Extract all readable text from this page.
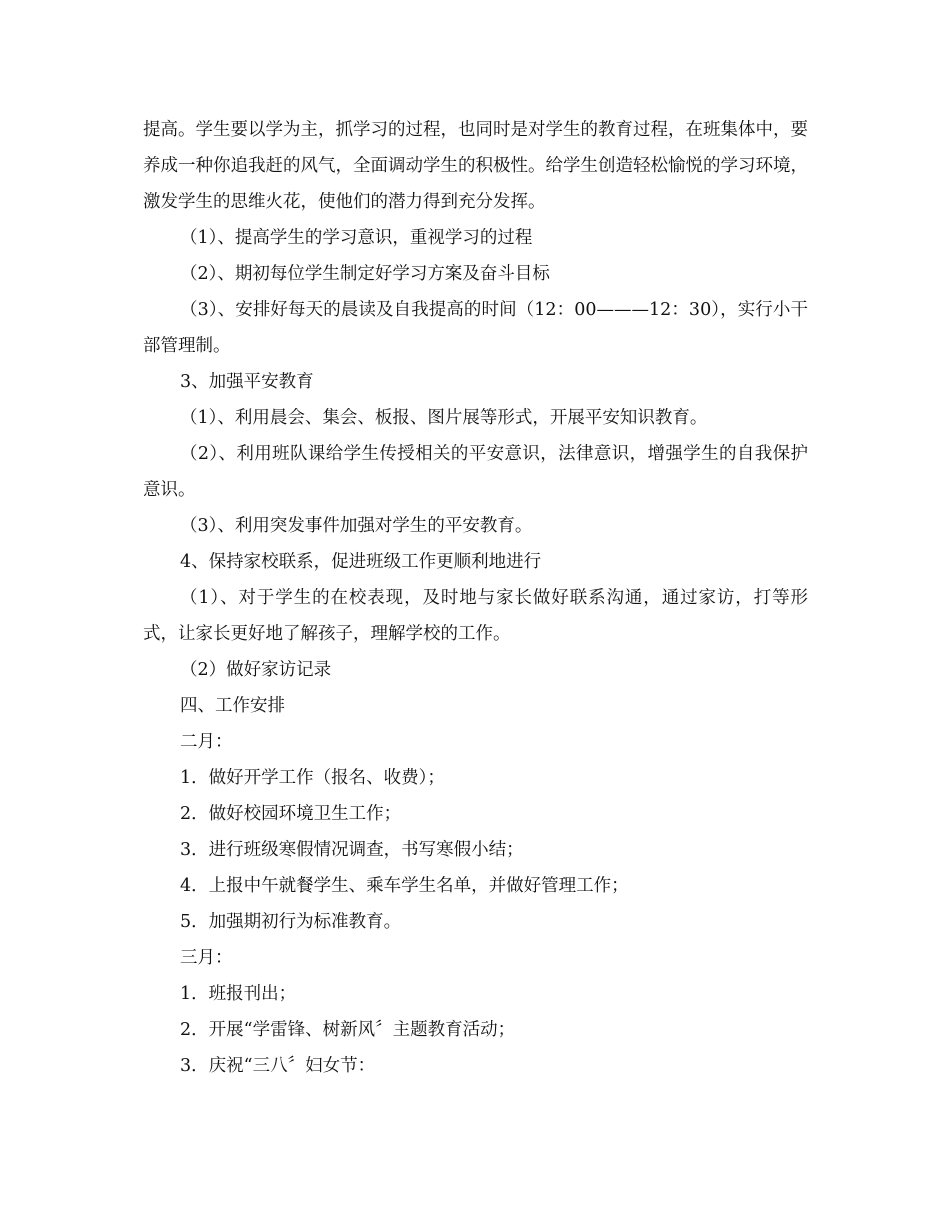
提高。学生要以学为主，抓学习的过程，也同时是对学生的教育过程，在班集体中，要养成一种你追我赶的风气，全面调动学生的积极性。给学生创造轻松愉悦的学习环境，激发学生的思维火花，使他们的潜力得到充分发挥。

（1）、提高学生的学习意识，重视学习的过程

（2）、期初每位学生制定好学习方案及奋斗目标

（3）、安排好每天的晨读及自我提高的时间（12：00———12：30），实行小干部管理制。

3、加强平安教育

（1）、利用晨会、集会、板报、图片展等形式，开展平安知识教育。

（2）、利用班队课给学生传授相关的平安意识，法律意识，增强学生的自我保护意识。

（3）、利用突发事件加强对学生的平安教育。

4、保持家校联系，促进班级工作更顺利地进行

（1）、对于学生的在校表现，及时地与家长做好联系沟通，通过家访，打等形式，让家长更好地了解孩子，理解学校的工作。

（2）做好家访记录

四、工作安排

二月：

1．做好开学工作（报名、收费）；

2．做好校园环境卫生工作；

3．进行班级寒假情况调查，书写寒假小结；

4．上报中午就餐学生、乘车学生名单，并做好管理工作；

5．加强期初行为标准教育。

三月：

1．班报刊出；

2．开展“学雷锋、树新风〞主题教育活动；

3．庆祝“三八〞妇女节：
